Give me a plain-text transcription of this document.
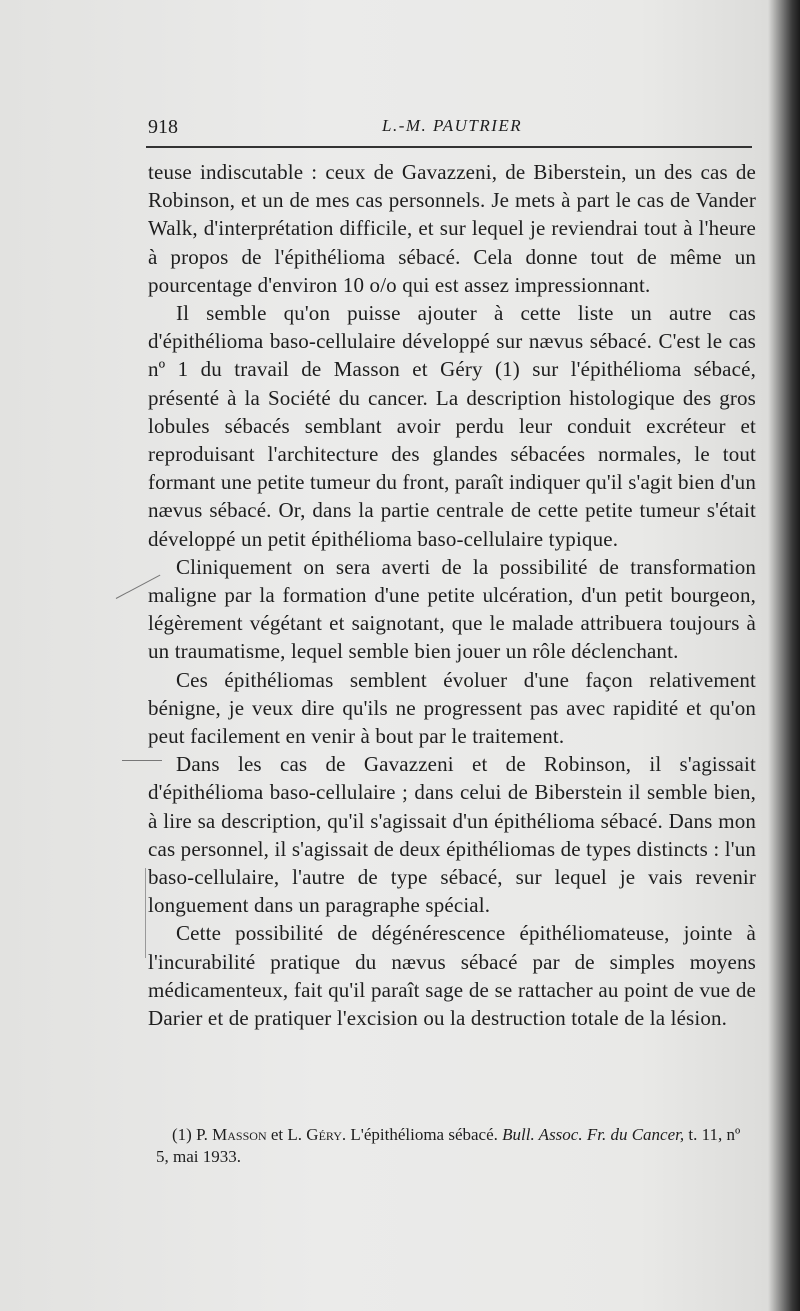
918	L.-M. PAUTRIER

teuse indiscutable : ceux de Gavazzeni, de Biberstein, un des cas de Robinson, et un de mes cas personnels. Je mets à part le cas de Vander Walk, d'interprétation difficile, et sur lequel je reviendrai tout à l'heure à propos de l'épithélioma sébacé. Cela donne tout de même un pourcentage d'environ 10 o/o qui est assez impressionnant.

Il semble qu'on puisse ajouter à cette liste un autre cas d'épithélioma baso-cellulaire développé sur nævus sébacé. C'est le cas nº 1 du travail de Masson et Géry (1) sur l'épithélioma sébacé, présenté à la Société du cancer. La description histologique des gros lobules sébacés semblant avoir perdu leur conduit excréteur et reproduisant l'architecture des glandes sébacées normales, le tout formant une petite tumeur du front, paraît indiquer qu'il s'agit bien d'un nævus sébacé. Or, dans la partie centrale de cette petite tumeur s'était développé un petit épithélioma baso-cellulaire typique.

Cliniquement on sera averti de la possibilité de transformation maligne par la formation d'une petite ulcération, d'un petit bourgeon, légèrement végétant et saignotant, que le malade attribuera toujours à un traumatisme, lequel semble bien jouer un rôle déclenchant.

Ces épithéliomas semblent évoluer d'une façon relativement bénigne, je veux dire qu'ils ne progressent pas avec rapidité et qu'on peut facilement en venir à bout par le traitement.

Dans les cas de Gavazzeni et de Robinson, il s'agissait d'épithélioma baso-cellulaire ; dans celui de Biberstein il semble bien, à lire sa description, qu'il s'agissait d'un épithélioma sébacé. Dans mon cas personnel, il s'agissait de deux épithéliomas de types distincts : l'un baso-cellulaire, l'autre de type sébacé, sur lequel je vais revenir longuement dans un paragraphe spécial.

Cette possibilité de dégénérescence épithéliomateuse, jointe à l'incurabilité pratique du nævus sébacé par de simples moyens médicamenteux, fait qu'il paraît sage de se rattacher au point de vue de Darier et de pratiquer l'excision ou la destruction totale de la lésion.

(1) P. Masson et L. Géry. L'épithélioma sébacé. Bull. Assoc. Fr. du Cancer, t. 11, nº 5, mai 1933.
